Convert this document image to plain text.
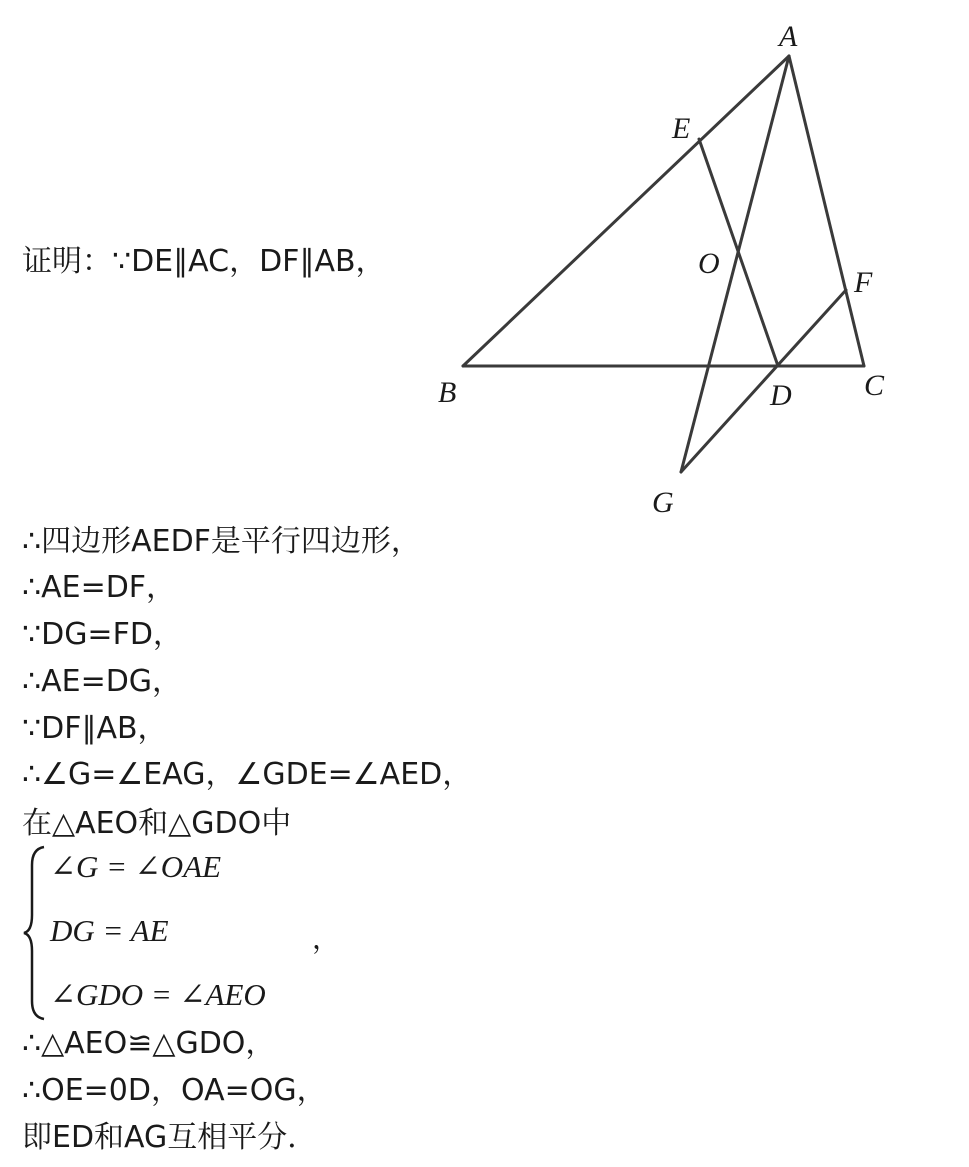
A
E
O
F
B	D C
G
证明：∵DE∥AC，DF∥AB，
∴四边形AEDF是平行四边形，
∴AE=DF，
∵DG=FD，
∴AE=DG，
∵DF∥AB，
∴∠G=∠EAG，∠GDE=∠AED，
在△AEO和△GDO中
∠G = ∠OAE
DG = AE
∠GDO = ∠AEO
，
∴△AEO≌△GDO，
∴OE=0D，OA=OG，
即ED和AG互相平分．
